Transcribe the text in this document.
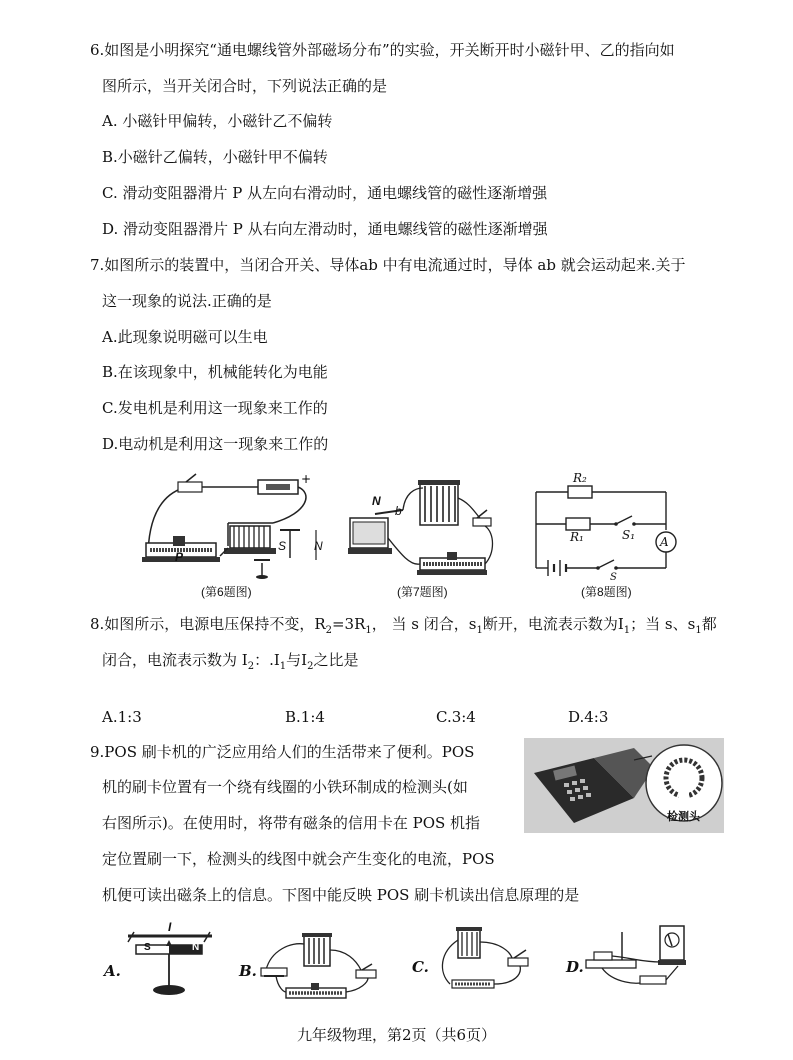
6.如图是小明探究“通电螺线管外部磁场分布”的实验，开关断开时小磁针甲、乙的指向如
图所示，当开关闭合时，下列说法正确的是
A. 小磁针甲偏转，小磁针乙不偏转
B.小磁针乙偏转，小磁针甲不偏转
C. 滑动变阻器滑片 P 从左向右滑动时，通电螺线管的磁性逐渐增强
D. 滑动变阻器滑片 P 从右向左滑动时，通电螺线管的磁性逐渐增强
7.如图所示的装置中，当闭合开关、导体ab 中有电流通过时，导体 ab 就会运动起来.关于
这一现象的说法.正确的是
A.此现象说明磁可以生电
B.在该现象中，机械能转化为电能
C.发电机是利用这一现象来工作的
D.电动机是利用这一现象来工作的
+
P
S N
(第6题图)
N
b
(第7题图)
R₂
R₁	S₁ A
S
(第8题图)
8.如图所示，电源电压保持不变，$R_2=3R_1$， 当 s 闭合，$s_1$断开，电流表示数为$I_1$；当 s、$s_1$都
闭合，电流表示数为 $I_2$：$.I_1$与$I_2$之比是
A.1:3	B.1:4	C.3:4	D.4:3
9.POS 刷卡机的广泛应用给人们的生活带来了便利。POS
机的刷卡位置有一个绕有线圈的小铁环制成的检测头(如
右图所示)。在使用时，将带有磁条的信用卡在 POS 机指
定位置刷一下，检测头的线图中就会产生变化的电流，POS
机便可读出磁条上的信息。下图中能反映 POS 刷卡机读出信息原理的是
检测头
I
S	N
A.	B.	C.	D.
九年级物理，第2页（共6页）
